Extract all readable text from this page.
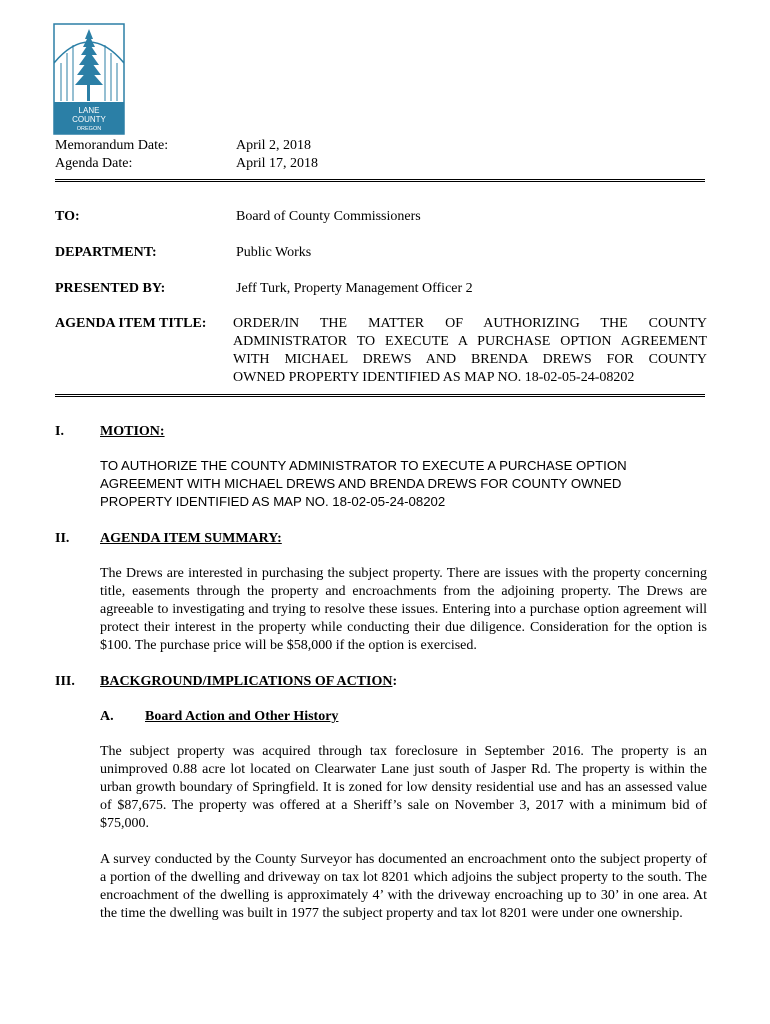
LANE
COUNTY
OREGON
Memorandum Date:	April 2, 2018
Agenda Date:	April 17, 2018
TO:	Board of County Commissioners
DEPARTMENT:	Public Works
PRESENTED BY:	Jeff Turk, Property Management Officer 2
AGENDA ITEM TITLE: ORDER/IN THE MATTER OF AUTHORIZING THE COUNTY
ADMINISTRATOR TO EXECUTE A PURCHASE OPTION AGREEMENT
WITH MICHAEL DREWS AND BRENDA DREWS FOR COUNTY
OWNED PROPERTY IDENTIFIED AS MAP NO. 18-02-05-24-08202
I.	MOTION:
TO AUTHORIZE THE COUNTY ADMINISTRATOR TO EXECUTE A PURCHASE OPTION AGREEMENT WITH MICHAEL DREWS AND BRENDA DREWS FOR COUNTY OWNED PROPERTY IDENTIFIED AS MAP NO. 18-02-05-24-08202
II. AGENDA ITEM SUMMARY:
The Drews are interested in purchasing the subject property. There are issues with the property concerning title, easements through the property and encroachments from the adjoining property. The Drews are agreeable to investigating and trying to resolve these issues. Entering into a purchase option agreement will protect their interest in the property while conducting their due diligence. Consideration for the option is $100. The purchase price will be $58,000 if the option is exercised.
III. BACKGROUND/IMPLICATIONS OF ACTION:
A. Board Action and Other History
The subject property was acquired through tax foreclosure in September 2016. The property is an unimproved 0.88 acre lot located on Clearwater Lane just south of Jasper Rd. The property is within the urban growth boundary of Springfield. It is zoned for low density residential use and has an assessed value of $87,675. The property was offered at a Sheriff’s sale on November 3, 2017 with a minimum bid of $75,000.
A survey conducted by the County Surveyor has documented an encroachment onto the subject property of a portion of the dwelling and driveway on tax lot 8201 which adjoins the subject property to the south. The encroachment of the dwelling is approximately 4’ with the driveway encroaching up to 30’ in one area. At the time the dwelling was built in 1977 the subject property and tax lot 8201 were under one ownership.
